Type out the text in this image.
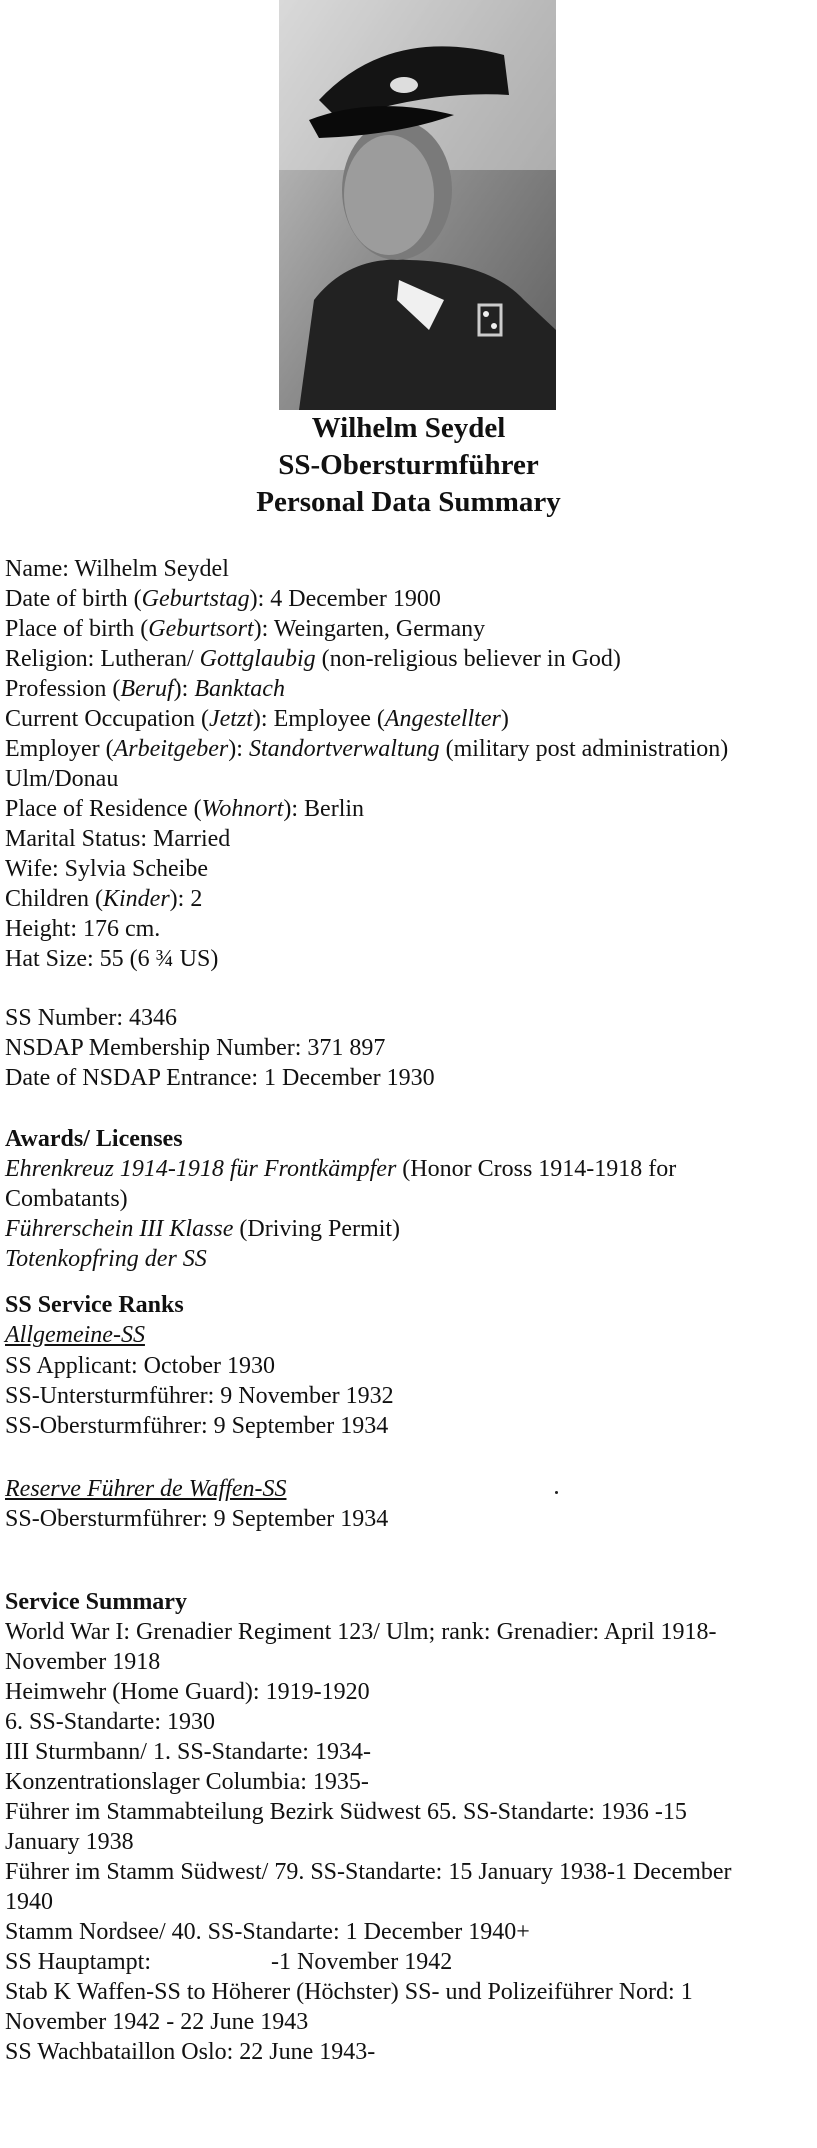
Wilhelm Seydel
SS-Obersturmführer
Personal Data Summary
Name: Wilhelm Seydel
Date of birth (Geburtstag): 4 December 1900
Place of birth (Geburtsort): Weingarten, Germany
Religion: Lutheran/ Gottglaubig (non-religious believer in God)
Profession (Beruf): Banktach
Current Occupation (Jetzt): Employee (Angestellter)
Employer (Arbeitgeber): Standortverwaltung (military post administration)
Ulm/Donau
Place of Residence (Wohnort): Berlin
Marital Status: Married
Wife: Sylvia Scheibe
Children (Kinder): 2
Height: 176 cm.
Hat Size: 55 (6 ¾ US)
SS Number: 4346
NSDAP Membership Number: 371 897
Date of NSDAP Entrance: 1 December 1930
Awards/ Licenses
Ehrenkreuz 1914-1918 für Frontkämpfer (Honor Cross 1914-1918 for
Combatants)
Führerschein III Klasse (Driving Permit)
Totenkopfring der SS
SS Service Ranks
Allgemeine-SS
SS Applicant: October 1930
SS-Untersturmführer: 9 November 1932
SS-Obersturmführer: 9 September 1934
Reserve Führer de Waffen-SS
SS-Obersturmführer: 9 September 1934
Service Summary
World War I: Grenadier Regiment 123/ Ulm; rank: Grenadier: April 1918-
November 1918
Heimwehr (Home Guard): 1919-1920
6. SS-Standarte: 1930
III Sturmbann/ 1. SS-Standarte: 1934-
Konzentrationslager Columbia: 1935-
Führer im Stammabteilung Bezirk Südwest 65. SS-Standarte: 1936 -15
January 1938
Führer im Stamm Südwest/ 79. SS-Standarte: 15 January 1938-1 December
1940
Stamm Nordsee/ 40. SS-Standarte: 1 December 1940+
SS Hauptampt:                    -1 November 1942
Stab K Waffen-SS to Höherer (Höchster) SS- und Polizeiführer Nord: 1
November 1942 - 22 June 1943
SS Wachbataillon Oslo: 22 June 1943-
